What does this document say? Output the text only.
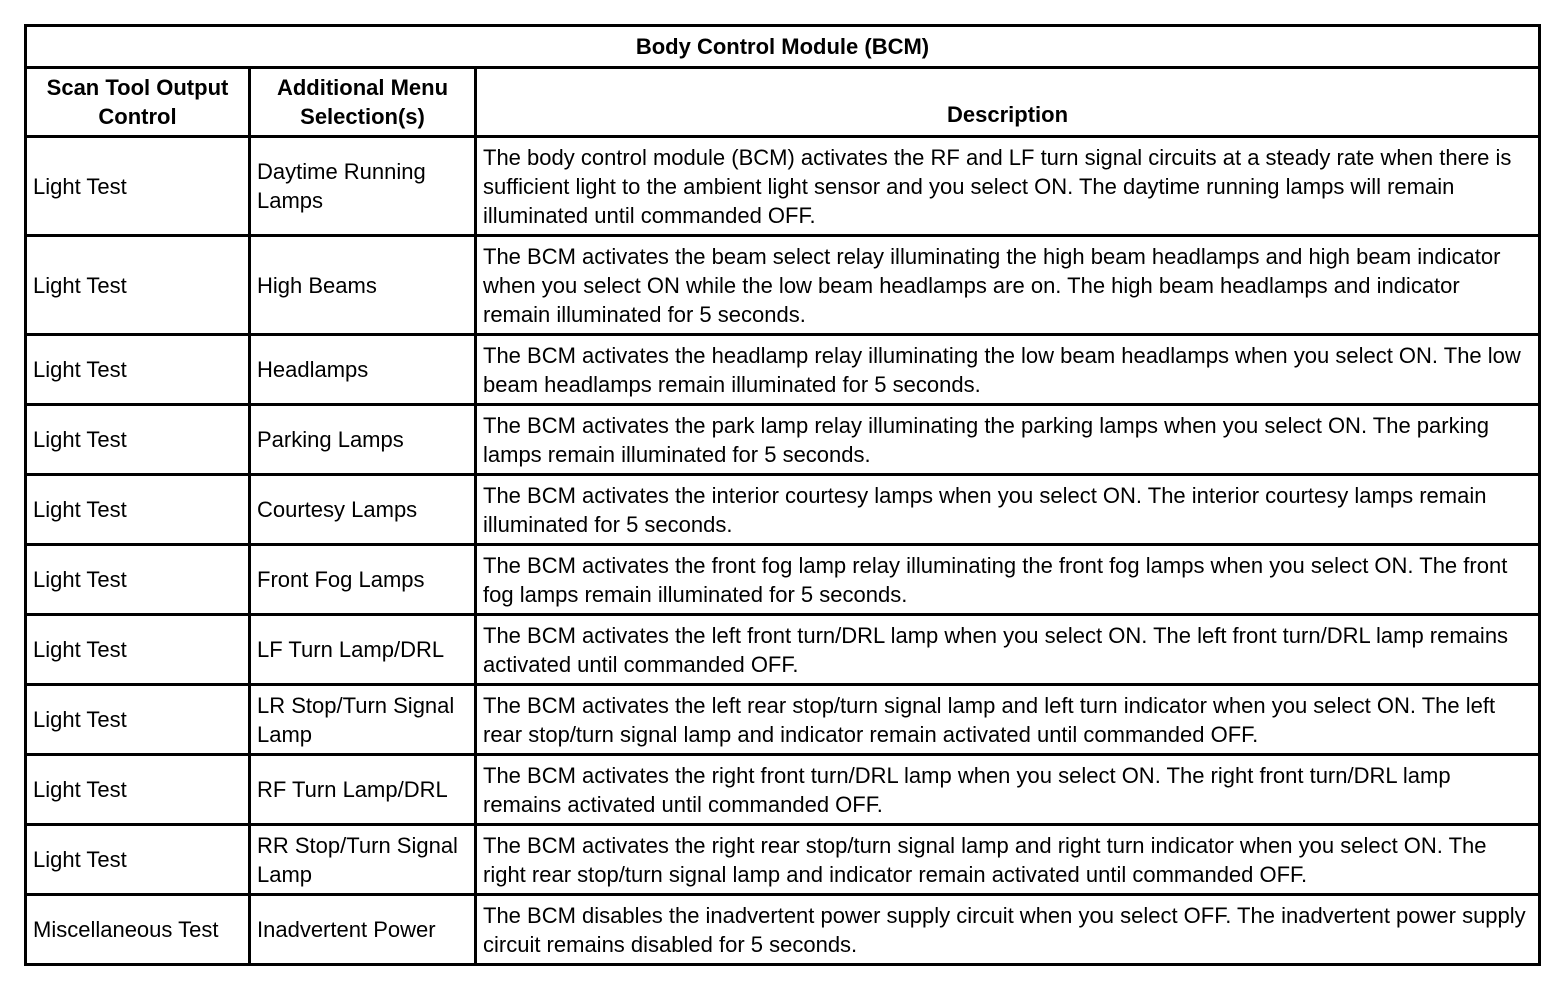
Body Control Module (BCM)		
Scan Tool Output Control	Additional Menu Selection(s)	Description
Light Test	Daytime Running Lamps	The body control module (BCM) activates the RF and LF turn signal circuits at a steady rate when there is sufficient light to the ambient light sensor and you select ON. The daytime running lamps will remain illuminated until commanded OFF.
Light Test	High Beams	The BCM activates the beam select relay illuminating the high beam headlamps and high beam indicator when you select ON while the low beam headlamps are on. The high beam headlamps and indicator remain illuminated for 5 seconds.
Light Test	Headlamps	The BCM activates the headlamp relay illuminating the low beam headlamps when you select ON. The low beam headlamps remain illuminated for 5 seconds.
Light Test	Parking Lamps	The BCM activates the park lamp relay illuminating the parking lamps when you select ON. The parking lamps remain illuminated for 5 seconds.
Light Test	Courtesy Lamps	The BCM activates the interior courtesy lamps when you select ON. The interior courtesy lamps remain illuminated for 5 seconds.
Light Test	Front Fog Lamps	The BCM activates the front fog lamp relay illuminating the front fog lamps when you select ON. The front fog lamps remain illuminated for 5 seconds.
Light Test	LF Turn Lamp/DRL	The BCM activates the left front turn/DRL lamp when you select ON. The left front turn/DRL lamp remains activated until commanded OFF.
Light Test	LR Stop/Turn Signal Lamp	The BCM activates the left rear stop/turn signal lamp and left turn indicator when you select ON. The left rear stop/turn signal lamp and indicator remain activated until commanded OFF.
Light Test	RF Turn Lamp/DRL	The BCM activates the right front turn/DRL lamp when you select ON. The right front turn/DRL lamp remains activated until commanded OFF.
Light Test	RR Stop/Turn Signal Lamp	The BCM activates the right rear stop/turn signal lamp and right turn indicator when you select ON. The right rear stop/turn signal lamp and indicator remain activated until commanded OFF.
Miscellaneous Test	Inadvertent Power	The BCM disables the inadvertent power supply circuit when you select OFF. The inadvertent power supply circuit remains disabled for 5 seconds.
